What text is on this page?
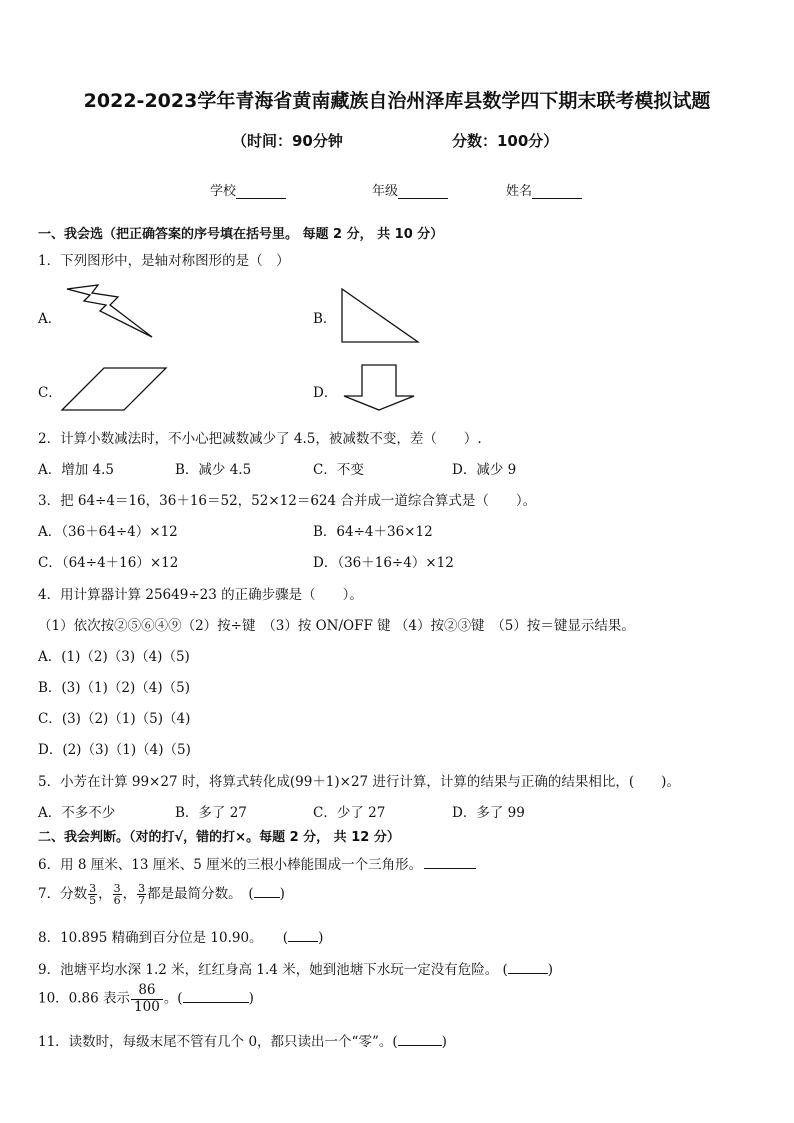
2022-2023学年青海省黄南藏族自治州泽库县数学四下期末联考模拟试题
（时间：90分钟	分数：100分）
学校	年级	姓名
一、我会选（把正确答案的序号填在括号里。 每题 2 分， 共 10 分）
1．下列图形中，是轴对称图形的是（　）
A．	B．
C．	D．
2．计算小数减法时，不小心把减数减少了 4.5，被减数不变，差（　　）.
A．增加 4.5	B．减少 4.5	C．不变	D．减少 9
3．把 64÷4＝16，36＋16＝52，52×12＝624 合并成一道综合算式是（　　）。
A．（36＋64÷4）×12	B．64÷4＋36×12
C．（64÷4＋16）×12	D．（36＋16÷4）×12
4．用计算器计算 25649÷23 的正确步骤是（　　）。
（1）依次按②⑤⑥④⑨（2）按÷键　（3）按 ON/OFF 键 （4）按②③键　（5）按＝键显示结果。
A．(1)（2)（3)（4)（5)
B．(3)（1)（2)（4)（5)
C．(3)（2)（1)（5)（4)
D．(2)（3)（1)（4)（5)
5．小芳在计算 99×27 时，将算式转化成(99＋1)×27 进行计算，计算的结果与正确的结果相比，(　　)。
A．不多不少	B．多了 27	C．少了 27	D．多了 99
二、我会判断。（对的打√，错的打×。每题 2 分， 共 12 分）
6．用 8 厘米、13 厘米、5 厘米的三根小棒能围成一个三角形。
7．分数 $\frac{3}{5}$ ， $\frac{3}{6}$ ， $\frac{3}{7}$ 都是最简分数。　( )
8．10.895 精确到百分位是 10.90。　　( )
9．池塘平均水深 1.2 米，红红身高 1.4 米，她到池塘下水玩一定没有危险。 (	)
10．0.86 表示 $\frac{86}{100}$ 。(	)
11．读数时，每级末尾不管有几个 0，都只读出一个“零”。(	)
